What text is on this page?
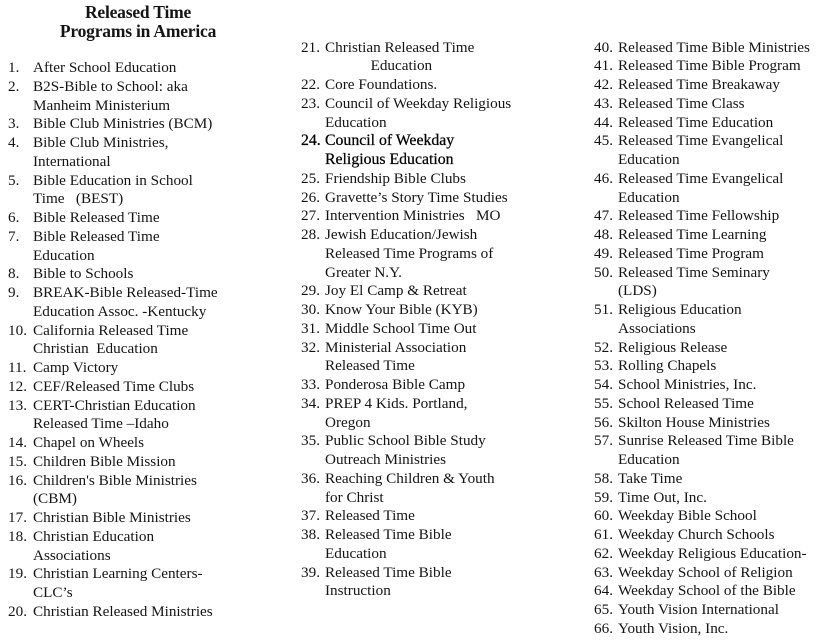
Released Time
Programs in America
1. After School Education
2. B2S-Bible to School: aka
Manheim Ministerium
3. Bible Club Ministries (BCM)
4. Bible Club Ministries,
International
5. Bible Education in School
Time   (BEST)
6. Bible Released Time
7. Bible Released Time
Education
8. Bible to Schools
9. BREAK-Bible Released-Time
Education Assoc. -Kentucky
10. California Released Time
Christian  Education
11. Camp Victory
12. CEF/Released Time Clubs
13. CERT-Christian Education
Released Time –Idaho
14. Chapel on Wheels
15. Children Bible Mission
16. Children's Bible Ministries
(CBM)
17. Christian Bible Ministries
18. Christian Education
Associations
19. Christian Learning Centers-
CLC’s
20. Christian Released Ministries
21. Christian Released Time
Education
22. Core Foundations.
23. Council of Weekday Religious
Education
24. Council of Weekday
Religious Education
25. Friendship Bible Clubs
26. Gravette’s Story Time Studies
27. Intervention Ministries   MO
28. Jewish Education/Jewish
Released Time Programs of
Greater N.Y.
29. Joy El Camp & Retreat
30. Know Your Bible (KYB)
31. Middle School Time Out
32. Ministerial Association
Released Time
33. Ponderosa Bible Camp
34. PREP 4 Kids. Portland,
Oregon
35. Public School Bible Study
Outreach Ministries
36. Reaching Children & Youth
for Christ
37. Released Time
38. Released Time Bible
Education
39. Released Time Bible
Instruction
40. Released Time Bible Ministries
41. Released Time Bible Program
42. Released Time Breakaway
43. Released Time Class
44. Released Time Education
45. Released Time Evangelical
Education
46. Released Time Evangelical
Education
47. Released Time Fellowship
48. Released Time Learning
49. Released Time Program
50. Released Time Seminary
(LDS)
51. Religious Education
Associations
52. Religious Release
53. Rolling Chapels
54. School Ministries, Inc.
55. School Released Time
56. Skilton House Ministries
57. Sunrise Released Time Bible
Education
58. Take Time
59. Time Out, Inc.
60. Weekday Bible School
61. Weekday Church Schools
62. Weekday Religious Education-
63. Weekday School of Religion
64. Weekday School of the Bible
65. Youth Vision International
66. Youth Vision, Inc.
